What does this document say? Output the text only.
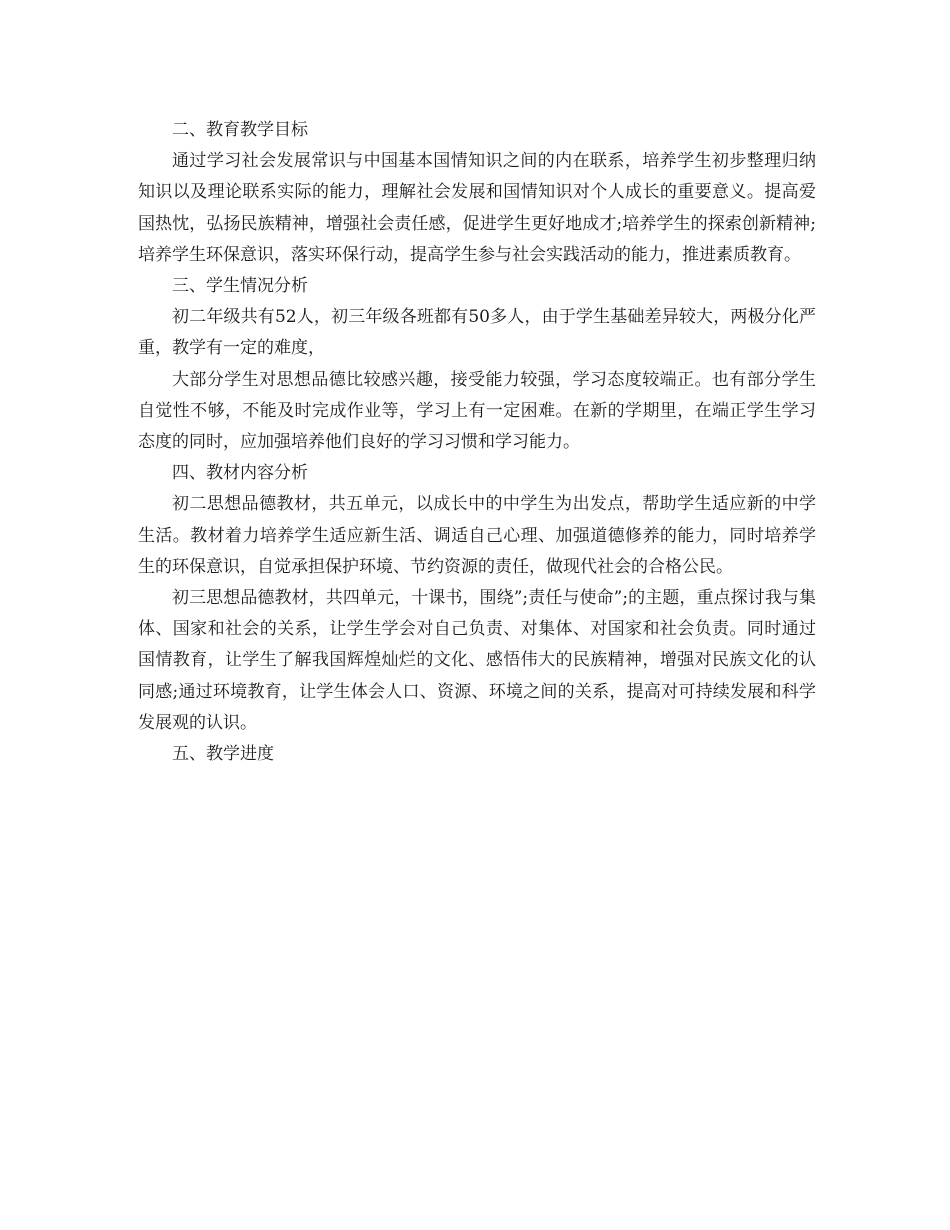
二、教育教学目标

通过学习社会发展常识与中国基本国情知识之间的内在联系，培养学生初步整理归纳知识以及理论联系实际的能力，理解社会发展和国情知识对个人成长的重要意义。提高爱国热忱，弘扬民族精神，增强社会责任感，促进学生更好地成才;培养学生的探索创新精神;培养学生环保意识，落实环保行动，提高学生参与社会实践活动的能力，推进素质教育。

三、学生情况分析

初二年级共有52人，初三年级各班都有50多人，由于学生基础差异较大，两极分化严重，教学有一定的难度，

大部分学生对思想品德比较感兴趣，接受能力较强，学习态度较端正。也有部分学生自觉性不够，不能及时完成作业等，学习上有一定困难。在新的学期里，在端正学生学习态度的同时，应加强培养他们良好的学习习惯和学习能力。

四、教材内容分析

初二思想品德教材，共五单元，以成长中的中学生为出发点，帮助学生适应新的中学生活。教材着力培养学生适应新生活、调适自己心理、加强道德修养的能力，同时培养学生的环保意识，自觉承担保护环境、节约资源的责任，做现代社会的合格公民。

初三思想品德教材，共四单元，十课书，围绕”;责任与使命”;的主题，重点探讨我与集体、国家和社会的关系，让学生学会对自己负责、对集体、对国家和社会负责。同时通过国情教育，让学生了解我国辉煌灿烂的文化、感悟伟大的民族精神，增强对民族文化的认同感;通过环境教育，让学生体会人口、资源、环境之间的关系，提高对可持续发展和科学发展观的认识。

五、教学进度
